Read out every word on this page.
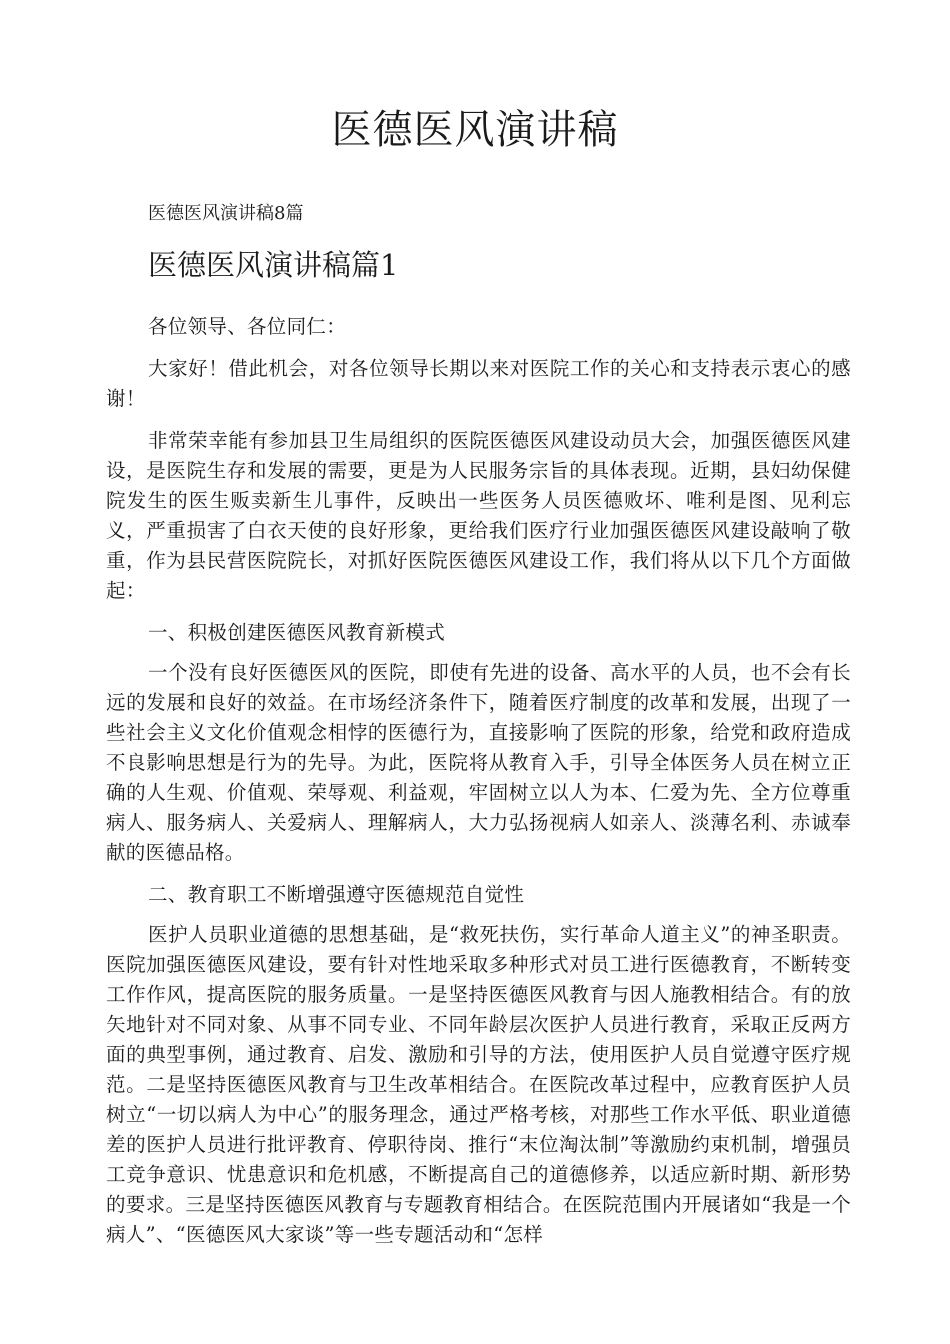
医德医风演讲稿

医德医风演讲稿8篇

医德医风演讲稿篇1

各位领导、各位同仁：

大家好！借此机会，对各位领导长期以来对医院工作的关心和支持表示衷心的感谢！

非常荣幸能有参加县卫生局组织的医院医德医风建设动员大会，加强医德医风建设，是医院生存和发展的需要，更是为人民服务宗旨的具体表现。近期，县妇幼保健院发生的医生贩卖新生儿事件，反映出一些医务人员医德败坏、唯利是图、见利忘义，严重损害了白衣天使的良好形象，更给我们医疗行业加强医德医风建设敲响了敬重，作为县民营医院院长，对抓好医院医德医风建设工作，我们将从以下几个方面做起：

一、积极创建医德医风教育新模式

一个没有良好医德医风的医院，即使有先进的设备、高水平的人员，也不会有长远的发展和良好的效益。在市场经济条件下，随着医疗制度的改革和发展，出现了一些社会主义文化价值观念相悖的医德行为，直接影响了医院的形象，给党和政府造成不良影响思想是行为的先导。为此，医院将从教育入手，引导全体医务人员在树立正确的人生观、价值观、荣辱观、利益观，牢固树立以人为本、仁爱为先、全方位尊重病人、服务病人、关爱病人、理解病人，大力弘扬视病人如亲人、淡薄名利、赤诚奉献的医德品格。

二、教育职工不断增强遵守医德规范自觉性

医护人员职业道德的思想基础，是“救死扶伤，实行革命人道主义”的神圣职责。医院加强医德医风建设，要有针对性地采取多种形式对员工进行医德教育，不断转变工作作风，提高医院的服务质量。一是坚持医德医风教育与因人施教相结合。有的放矢地针对不同对象、从事不同专业、不同年龄层次医护人员进行教育，采取正反两方面的典型事例，通过教育、启发、激励和引导的方法，使用医护人员自觉遵守医疗规范。二是坚持医德医风教育与卫生改革相结合。在医院改革过程中，应教育医护人员树立“一切以病人为中心”的服务理念，通过严格考核，对那些工作水平低、职业道德差的医护人员进行批评教育、停职待岗、推行“末位淘汰制”等激励约束机制，增强员工竞争意识、忧患意识和危机感，不断提高自己的道德修养，以适应新时期、新形势的要求。三是坚持医德医风教育与专题教育相结合。在医院范围内开展诸如“我是一个病人”、“医德医风大家谈”等一些专题活动和“怎样
